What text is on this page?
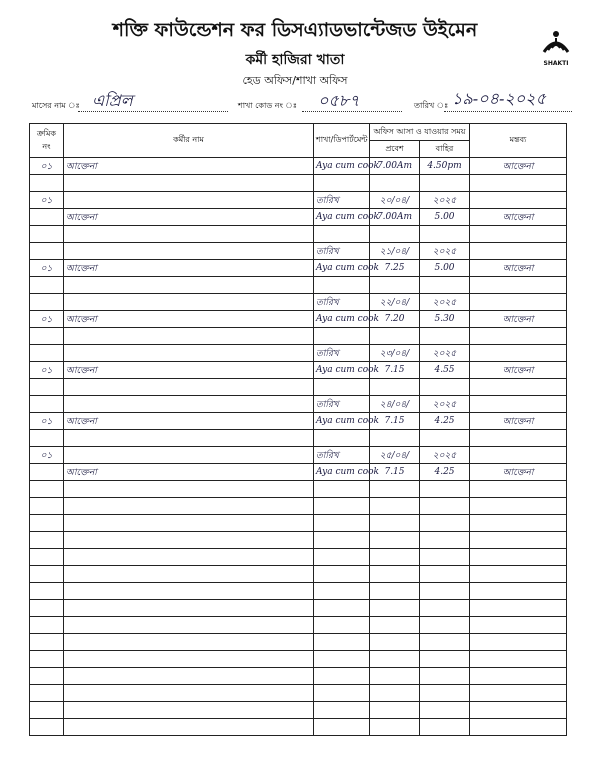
শক্তি ফাউন্ডেশন ফর ডিসএ্যাডভান্টেজড উইমেন
কর্মী হাজিরা খাতা
হেড অফিস/শাখা অফিস
SHAKTI
মাসের নাম ঃ এপ্রিল	শাখা কোড নং ঃ ০৫৮৭	তারিখ ঃ ১৯-০৪-২০২৫
ক্রমিক নং	কর্মীর নাম	শাখা/ডিপার্টমেন্ট	অফিস আসা ও যাওয়ার সময়		মন্তব্য
			প্রবেশ	বাহির	
০১	আক্তেনা	Aya cum cook	7.00Am	4.50pm	আক্তেনা

০১		তারিখ	২০/০৪/	২০২৫	
	আক্তেনা	Aya cum cook	7.00Am	5.00	আক্তেনা

		তারিখ	২১/০৪/	২০২৫	
০১	আক্তেনা	Aya cum cook	7.25	5.00	আক্তেনা

		তারিখ	২২/০৪/	২০২৫	
০১	আক্তেনা	Aya cum cook	7.20	5.30	আক্তেনা

		তারিখ	২৩/০৪/	২০২৫	
০১	আক্তেনা	Aya cum cook	7.15	4.55	আক্তেনা

		তারিখ	২৪/০৪/	২০২৫	
০১	আক্তেনা	Aya cum cook	7.15	4.25	আক্তেনা

০১		তারিখ	২৫/০৪/	২০২৫	
	আক্তেনা	Aya cum cook	7.15	4.25	আক্তেনা
